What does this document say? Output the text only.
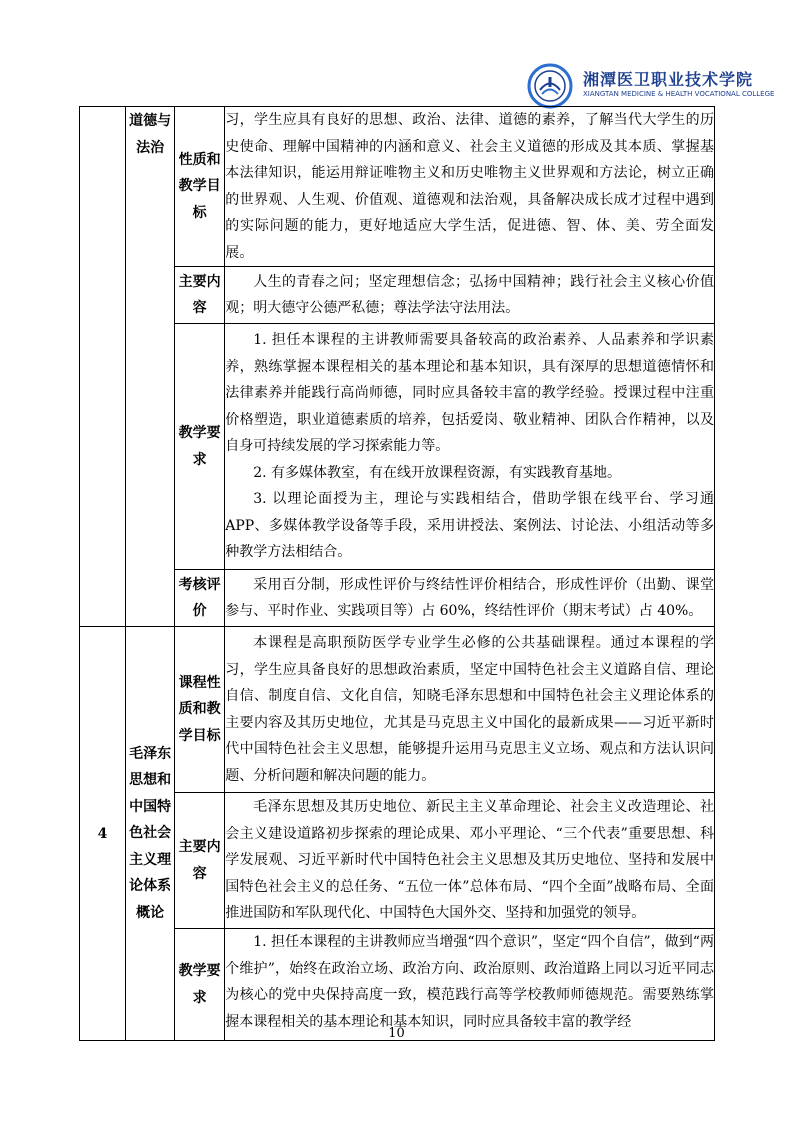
湘潭医卫职业技术学院
XIANGTAN MEDICINE & HEALTH VOCATIONAL COLLEGE
	道德与法治	性质和教学目标	习，学生应具有良好的思想、政治、法律、道德的素养，了解当代大学生的历史使命、理解中国精神的内涵和意义、社会主义道德的形成及其本质、掌握基本法律知识，能运用辩证唯物主义和历史唯物主义世界观和方法论，树立正确的世界观、人生观、价值观、道德观和法治观，具备解决成长成才过程中遇到的实际问题的能力，更好地适应大学生活，促进德、智、体、美、劳全面发展。

		主要内容	人生的青春之问；坚定理想信念；弘扬中国精神；践行社会主义核心价值观；明大德守公德严私德；尊法学法守法用法。

		教学要求	1. 担任本课程的主讲教师需要具备较高的政治素养、人品素养和学识素养，熟练掌握本课程相关的基本理论和基本知识，具有深厚的思想道德情怀和法律素养并能践行高尚师德，同时应具备较丰富的教学经验。授课过程中注重价格塑造，职业道德素质的培养，包括爱岗、敬业精神、团队合作精神，以及自身可持续发展的学习探索能力等。

2. 有多媒体教室，有在线开放课程资源，有实践教育基地。

3. 以理论面授为主，理论与实践相结合，借助学银在线平台、学习通 APP、多媒体教学设备等手段，采用讲授法、案例法、讨论法、小组活动等多种教学方法相结合。

		考核评价	采用百分制，形成性评价与终结性评价相结合，形成性评价（出勤、课堂参与、平时作业、实践项目等）占 60%，终结性评价（期末考试）占 40%。

4	毛泽东思想和中国特色社会主义理论体系概论	课程性质和教学目标	本课程是高职预防医学专业学生必修的公共基础课程。通过本课程的学习，学生应具备良好的思想政治素质，坚定中国特色社会主义道路自信、理论自信、制度自信、文化自信，知晓毛泽东思想和中国特色社会主义理论体系的主要内容及其历史地位，尤其是马克思主义中国化的最新成果——习近平新时代中国特色社会主义思想，能够提升运用马克思主义立场、观点和方法认识问题、分析问题和解决问题的能力。

		主要内容	毛泽东思想及其历史地位、新民主主义革命理论、社会主义改造理论、社会主义建设道路初步探索的理论成果、邓小平理论、“三个代表”重要思想、科学发展观、习近平新时代中国特色社会主义思想及其历史地位、坚持和发展中国特色社会主义的总任务、“五位一体”总体布局、“四个全面”战略布局、全面推进国防和军队现代化、中国特色大国外交、坚持和加强党的领导。

		教学要求	1. 担任本课程的主讲教师应当增强“四个意识”，坚定“四个自信”，做到“两个维护”，始终在政治立场、政治方向、政治原则、政治道路上同以习近平同志为核心的党中央保持高度一致，模范践行高等学校教师师德规范。需要熟练掌握本课程相关的基本理论和基本知识，同时应具备较丰富的教学经

10
